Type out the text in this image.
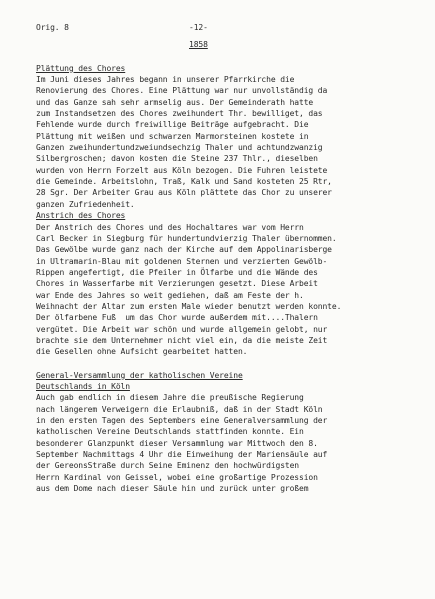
Orig. 8	-12-
1858
Plättung des Chores
Im Juni dieses Jahres begann in unserer Pfarrkirche die
Renovierung des Chores. Eine Plättung war nur unvollständig da
und das Ganze sah sehr armselig aus. Der Gemeinderath hatte
zum Instandsetzen des Chores zweihundert Thr. bewilliget, das
Fehlende wurde durch freiwillige Beiträge aufgebracht. Die
Plättung mit weißen und schwarzen Marmorsteinen kostete in
Ganzen zweihundertundzweiundsechzig Thaler und achtundzwanzig
Silbergroschen; davon kosten die Steine 237 Thlr., dieselben
wurden von Herrn Forzelt aus Köln bezogen. Die Fuhren leistete
die Gemeinde. Arbeitslohn, Traß, Kalk und Sand kosteten 25 Rtr,
28 Sgr. Der Arbeiter Grau aus Köln plättete das Chor zu unserer
ganzen Zufriedenheit.
Anstrich des Chores
Der Anstrich des Chores und des Hochaltares war vom Herrn
Carl Becker in Siegburg für hundertundvierzig Thaler übernommen.
Das Gewölbe wurde ganz nach der Kirche auf dem Appolinarisberge
in Ultramarin-Blau mit goldenen Sternen und verzierten Gewölb-
Rippen angefertigt, die Pfeiler in Ölfarbe und die Wände des
Chores in Wasserfarbe mit Verzierungen gesetzt. Diese Arbeit
war Ende des Jahres so weit gediehen, daß am Feste der h.
Weihnacht der Altar zum ersten Male wieder benutzt werden konnte.
Der ölfarbene Fuß  um das Chor wurde außerdem mit....Thalern
vergütet. Die Arbeit war schön und wurde allgemein gelobt, nur
brachte sie dem Unternehmer nicht viel ein, da die meiste Zeit
die Gesellen ohne Aufsicht gearbeitet hatten.
General-Versammlung der katholischen Vereine
Deutschlands in Köln
Auch gab endlich in diesem Jahre die preußische Regierung
nach längerem Verweigern die Erlaubniß, daß in der Stadt Köln
in den ersten Tagen des Septembers eine Generalversammlung der
katholischen Vereine Deutschlands stattfinden konnte. Ein
besonderer Glanzpunkt dieser Versammlung war Mittwoch den 8.
September Nachmittags 4 Uhr die Einweihung der Mariensäule auf
der GereonsStraße durch Seine Eminenz den hochwürdigsten
Herrn Kardinal von Geissel, wobei eine großartige Prozession
aus dem Dome nach dieser Säule hin und zurück unter großem
